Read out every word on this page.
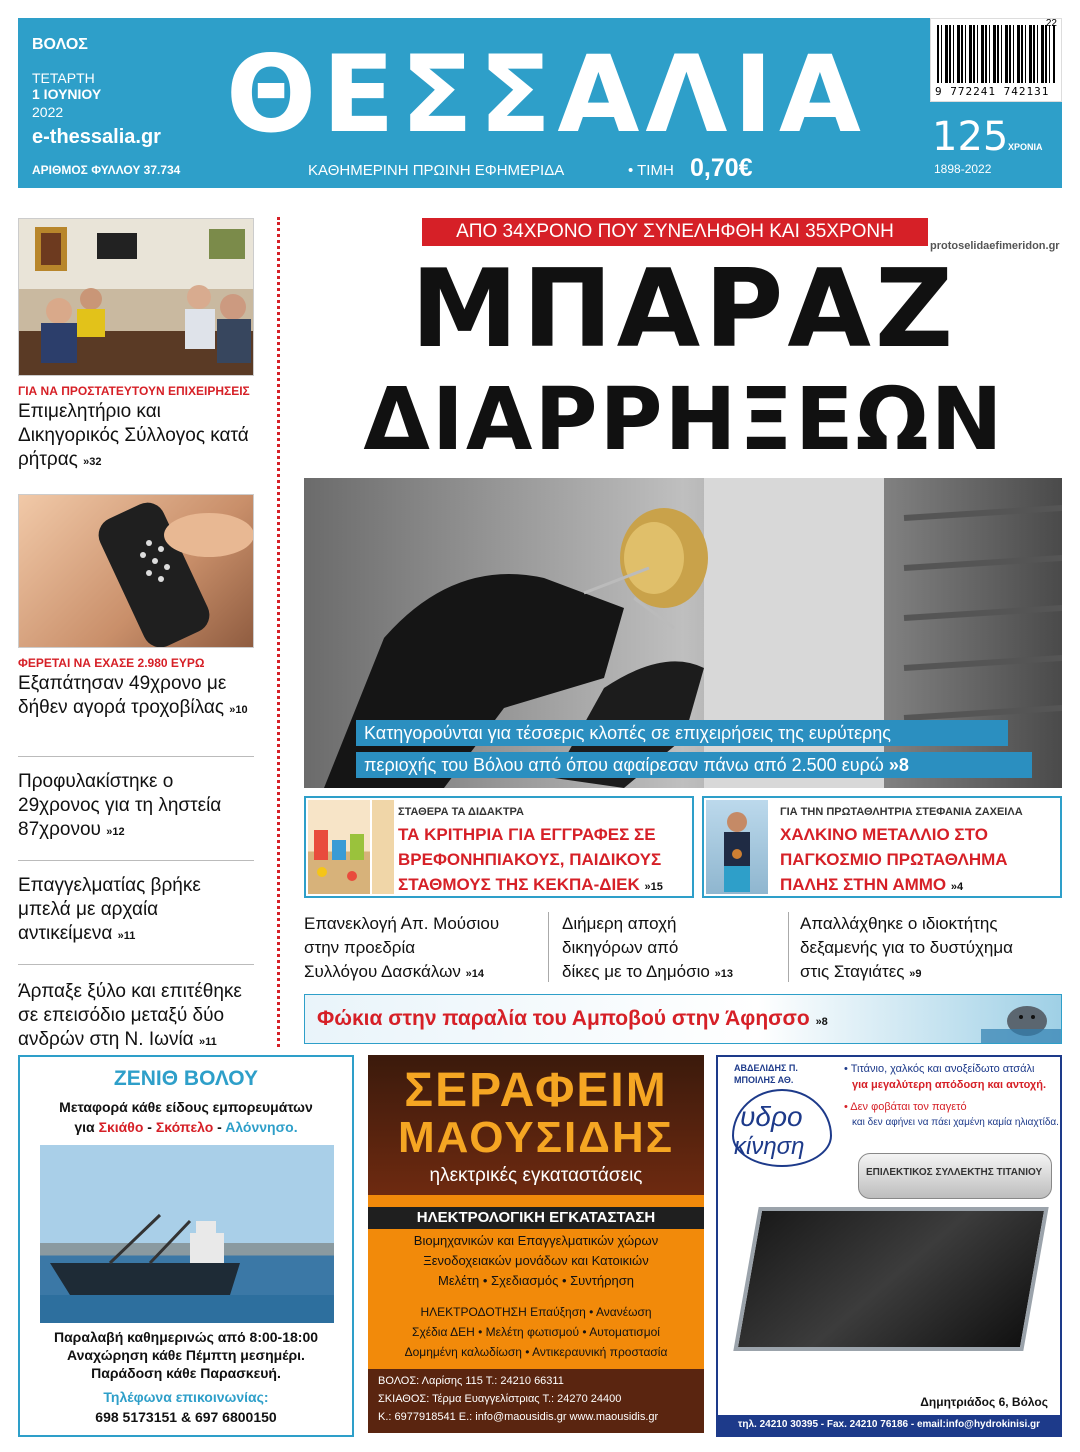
ΒΟΛΟΣ
ΤΕΤΑΡΤΗ
1 ΙΟΥΝΙΟΥ
2022
e-thessalia.gr
ΑΡΙΘΜΟΣ ΦΥΛΛΟΥ 37.734
ΘΕΣΣΑΛΙΑ
ΚΑΘΗΜΕΡΙΝΗ ΠΡΩΙΝΗ ΕΦΗΜΕΡΙΔΑ	• ΤΙΜΗ 0,70€
22
9 772241 742131
125 ΧΡΟΝΙΑ
1898-2022
ΓΙΑ ΝΑ ΠΡΟΣΤΑΤΕΥΤΟΥΝ ΕΠΙΧΕΙΡΗΣΕΙΣ
Επιμελητήριο και Δικηγορικός Σύλλογος κατά ρήτρας »32
ΦΕΡΕΤΑΙ ΝΑ ΕΧΑΣΕ 2.980 ΕΥΡΩ
Εξαπάτησαν 49χρονο με δήθεν αγορά τροχοβίλας »10
Προφυλακίστηκε ο 29χρονος για τη ληστεία 87χρονου »12
Επαγγελματίας βρήκε μπελά με αρχαία αντικείμενα »11
Άρπαξε ξύλο και επιτέθηκε σε επεισόδιο μεταξύ δύο ανδρών στη Ν. Ιωνία »11
ΑΠΟ 34ΧΡΟΝΟ ΠΟΥ ΣΥΝΕΛΗΦΘΗ ΚΑΙ 35ΧΡΟΝΗ
protoselidaefimeridon.gr
ΜΠΑΡΑΖ
ΔΙΑΡΡΗΞΕΩΝ
Κατηγορούνται για τέσσερις κλοπές σε επιχειρήσεις της ευρύτερης
περιοχής του Βόλου από όπου αφαίρεσαν πάνω από 2.500 ευρώ »8
ΣΤΑΘΕΡΑ ΤΑ ΔΙΔΑΚΤΡΑ
ΤΑ ΚΡΙΤΗΡΙΑ ΓΙΑ ΕΓΓΡΑΦΕΣ ΣΕ
ΒΡΕΦΟΝΗΠΙΑΚΟΥΣ, ΠΑΙΔΙΚΟΥΣ
ΣΤΑΘΜΟΥΣ ΤΗΣ ΚΕΚΠΑ-ΔΙΕΚ »15
ΓΙΑ ΤΗΝ ΠΡΩΤΑΘΛΗΤΡΙΑ ΣΤΕΦΑΝΙΑ ΖΑΧΕΙΛΑ
ΧΑΛΚΙΝΟ ΜΕΤΑΛΛΙΟ ΣΤΟ
ΠΑΓΚΟΣΜΙΟ ΠΡΩΤΑΘΛΗΜΑ
ΠΑΛΗΣ ΣΤΗΝ ΑΜΜΟ »4
Επανεκλογή Απ. Μούσιου
στην προεδρία
Συλλόγου Δασκάλων »14
Διήμερη αποχή
δικηγόρων από
δίκες με το Δημόσιο »13
Απαλλάχθηκε ο ιδιοκτήτης
δεξαμενής για το δυστύχημα
στις Σταγιάτες »9
Φώκια στην παραλία του Αμποβού στην Άφησσο »8
ΖΕΝΙΘ ΒΟΛΟΥ
Μεταφορά κάθε είδους εμπορευμάτων
για Σκιάθο - Σκόπελο - Αλόννησο.
Παραλαβή καθημερινώς από 8:00-18:00
Αναχώρηση κάθε Πέμπτη μεσημέρι.
Παράδοση κάθε Παρασκευή.
Τηλέφωνα επικοινωνίας:
698 5173151 & 697 6800150
ΣΕΡΑΦΕΙΜ
ΜΑΟΥΣΙΔΗΣ
ηλεκτρικές εγκαταστάσεις
ΗΛΕΚΤΡΟΛΟΓΙΚΗ ΕΓΚΑΤΑΣΤΑΣΗ
Βιομηχανικών και Επαγγελματικών χώρων
Ξενοδοχειακών μονάδων και Κατοικιών
Μελέτη • Σχεδιασμός • Συντήρηση
ΗΛΕΚΤΡΟΔΟΤΗΣΗ Επαύξηση • Ανανέωση
Σχέδια ΔΕΗ • Μελέτη φωτισμού • Αυτοματισμοί
Δομημένη καλωδίωση • Αντικεραυνική προστασία
ΒΟΛΟΣ: Λαρίσης 115 Τ.: 24210 66311
ΣΚΙΑΘΟΣ: Τέρμα Ευαγγελίστριας Τ.: 24270 24400
Κ.: 6977918541 E.: info@maousidis.gr www.maousidis.gr
ΑΒΔΕΛΙΔΗΣ Π.
ΜΠΟΙΛΗΣ ΑΘ.
υδρο
κίνηση
• Τιτάνιο, χαλκός και ανοξείδωτο ατσάλι
για μεγαλύτερη απόδοση και αντοχή.
• Δεν φοβάται τον παγετό
και δεν αφήνει να πάει χαμένη καμία ηλιαχτίδα.
ΕΠΙΛΕΚΤΙΚΟΣ ΣΥΛΛΕΚΤΗΣ ΤΙΤΑΝΙΟΥ
Δημητριάδος 6, Βόλος
τηλ. 24210 30395 - Fax. 24210 76186 - email:info@hydrokinisi.gr
